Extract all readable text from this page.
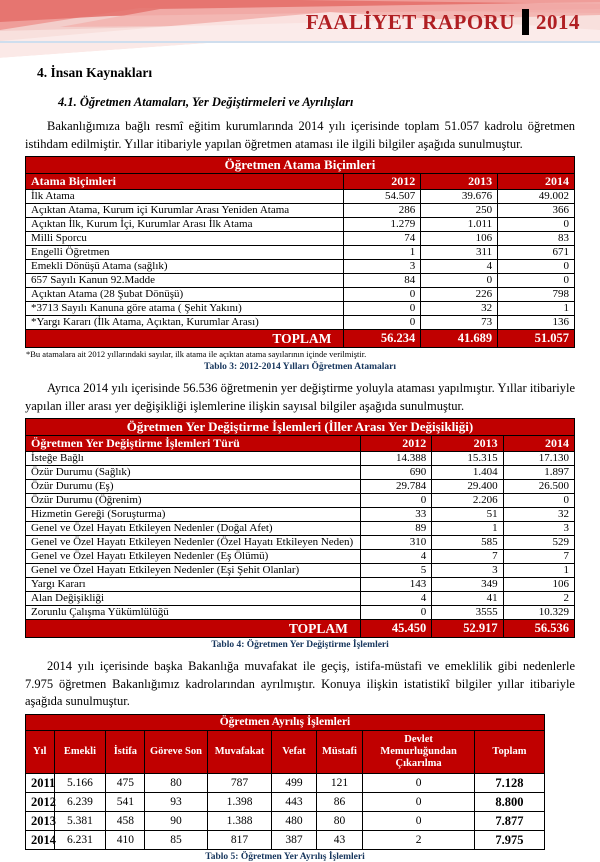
FAALİYET RAPORU 2014
4. İnsan Kaynakları
4.1. Öğretmen Atamaları, Yer Değiştirmeleri ve Ayrılışları

Bakanlığımıza bağlı resmî eğitim kurumlarında 2014 yılı içerisinde toplam 51.057 kadrolu öğretmen istihdam edilmiştir. Yıllar itibariyle yapılan öğretmen ataması ile ilgili bilgiler aşağıda sunulmuştur.

Öğretmen Atama Biçimleri			
Atama Biçimleri	2012	2013	2014
İlk Atama	54.507	39.676	49.002
Açıktan Atama, Kurum içi Kurumlar Arası Yeniden Atama	286	250	366
Açıktan İlk, Kurum İçi, Kurumlar Arası İlk Atama	1.279	1.011	0
Milli Sporcu	74	106	83
Engelli Öğretmen	1	311	671
Emekli Dönüşü Atama (sağlık)	3	4	0
657 Sayılı Kanun 92.Madde	84	0	0
Açıktan Atama (28 Şubat Dönüşü)	0	226	798
*3713 Sayılı Kanuna göre atama ( Şehit Yakını)	0	32	1
*Yargı Kararı (İlk Atama, Açıktan, Kurumlar Arası)	0	73	136
TOPLAM	56.234	41.689	51.057
*Bu atamalara ait 2012 yıllarındaki sayılar, ilk atama ile açıktan atama sayılarının içinde verilmiştir.
Tablo 3: 2012-2014 Yılları Öğretmen Atamaları

Ayrıca 2014 yılı içerisinde 56.536 öğretmenin yer değiştirme yoluyla ataması yapılmıştır. Yıllar itibariyle yapılan iller arası yer değişikliği işlemlerine ilişkin sayısal bilgiler aşağıda sunulmuştur.

Öğretmen Yer Değiştirme İşlemleri (İller Arası Yer Değişikliği)			
Öğretmen Yer Değiştirme İşlemleri Türü	2012	2013	2014
İsteğe Bağlı	14.388	15.315	17.130
Özür Durumu (Sağlık)	690	1.404	1.897
Özür Durumu (Eş)	29.784	29.400	26.500
Özür Durumu (Öğrenim)	0	2.206	0
Hizmetin Gereği (Soruşturma)	33	51	32
Genel ve Özel Hayatı Etkileyen Nedenler (Doğal Afet)	89	1	3
Genel ve Özel Hayatı Etkileyen Nedenler (Özel Hayatı Etkileyen Neden)	310	585	529
Genel ve Özel Hayatı Etkileyen Nedenler (Eş Ölümü)	4	7	7
Genel ve Özel Hayatı Etkileyen Nedenler (Eşi Şehit Olanlar)	5	3	1
Yargı Kararı	143	349	106
Alan Değişikliği	4	41	2
Zorunlu Çalışma Yükümlülüğü	0	3555	10.329
TOPLAM	45.450	52.917	56.536
Tablo 4: Öğretmen Yer Değiştirme İşlemleri

2014 yılı içerisinde başka Bakanlığa muvafakat ile geçiş, istifa-müstafi ve emeklilik gibi nedenlerle 7.975 öğretmen Bakanlığımız kadrolarından ayrılmıştır. Konuya ilişkin istatistikî bilgiler yıllar itibariyle aşağıda sunulmuştur.

Öğretmen Ayrılış İşlemleri								
Yıl	Emekli	İstifa	Göreve Son	Muvafakat	Vefat	Müstafi	Devlet Memurluğundan Çıkarılma	Toplam
2011	5.166	475	80	787	499	121	0	7.128
2012	6.239	541	93	1.398	443	86	0	8.800
2013	5.381	458	90	1.388	480	80	0	7.877
2014	6.231	410	85	817	387	43	2	7.975
Tablo 5: Öğretmen Yer Ayrılış İşlemleri
